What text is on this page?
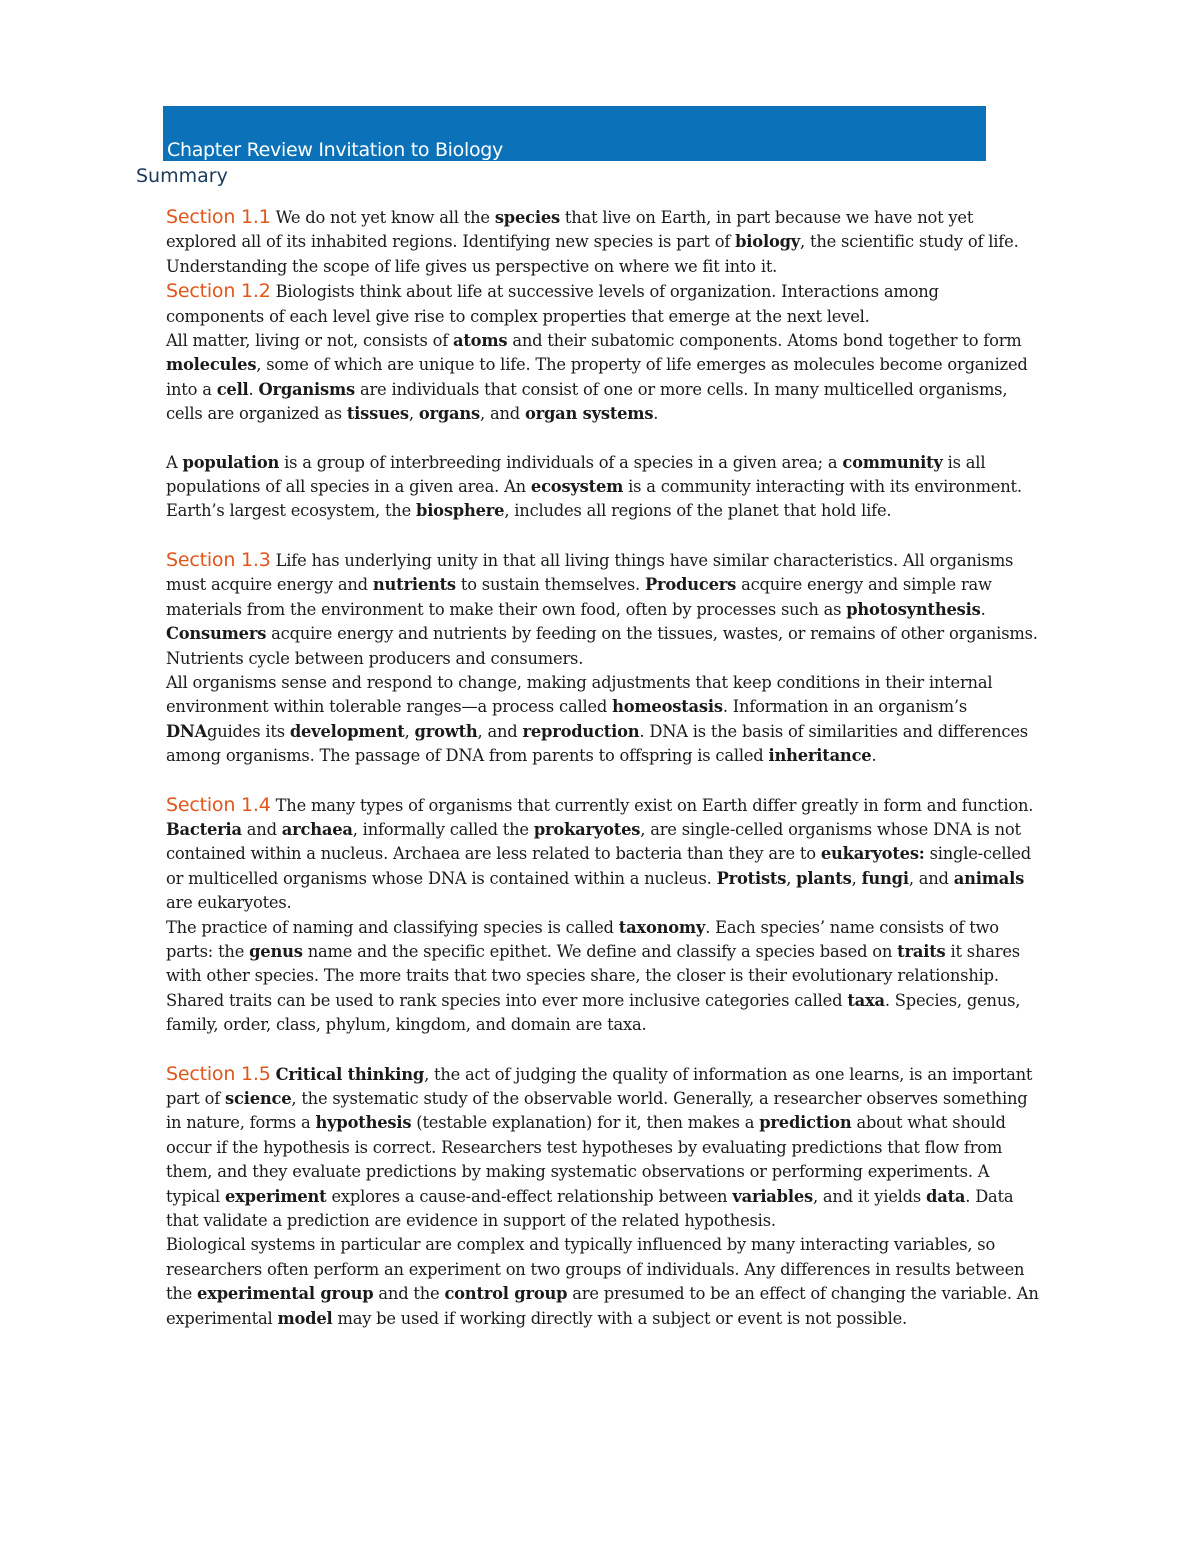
Chapter Review Invitation to Biology
Summary

Section 1.1 We do not yet know all the species that live on Earth, in part because we have not yet explored all of its inhabited regions. Identifying new species is part of biology, the scientific study of life. Understanding the scope of life gives us perspective on where we fit into it.

Section 1.2 Biologists think about life at successive levels of organization. Interactions among components of each level give rise to complex properties that emerge at the next level.

All matter, living or not, consists of atoms and their subatomic components. Atoms bond together to form molecules, some of which are unique to life. The property of life emerges as molecules become organized into a cell. Organisms are individuals that consist of one or more cells. In many multicelled organisms, cells are organized as tissues, organs, and organ systems.

A population is a group of interbreeding individuals of a species in a given area; a community is all populations of all species in a given area. An ecosystem is a community interacting with its environment. Earth’s largest ecosystem, the biosphere, includes all regions of the planet that hold life.

Section 1.3 Life has underlying unity in that all living things have similar characteristics. All organisms must acquire energy and nutrients to sustain themselves. Producers acquire energy and simple raw materials from the environment to make their own food, often by processes such as photosynthesis. Consumers acquire energy and nutrients by feeding on the tissues, wastes, or remains of other organisms. Nutrients cycle between producers and consumers.

All organisms sense and respond to change, making adjustments that keep conditions in their internal environment within tolerable ranges—a process called homeostasis. Information in an organism’s DNAguides its development, growth, and reproduction. DNA is the basis of similarities and differences among organisms. The passage of DNA from parents to offspring is called inheritance.

Section 1.4 The many types of organisms that currently exist on Earth differ greatly in form and function. Bacteria and archaea, informally called the prokaryotes, are single-celled organisms whose DNA is not contained within a nucleus. Archaea are less related to bacteria than they are to eukaryotes: single-celled or multicelled organisms whose DNA is contained within a nucleus. Protists, plants, fungi, and animals are eukaryotes.

The practice of naming and classifying species is called taxonomy. Each species’ name consists of two parts: the genus name and the specific epithet. We define and classify a species based on traits it shares with other species. The more traits that two species share, the closer is their evolutionary relationship. Shared traits can be used to rank species into ever more inclusive categories called taxa. Species, genus, family, order, class, phylum, kingdom, and domain are taxa.

Section 1.5 Critical thinking, the act of judging the quality of information as one learns, is an important part of science, the systematic study of the observable world. Generally, a researcher observes something in nature, forms a hypothesis (testable explanation) for it, then makes a prediction about what should occur if the hypothesis is correct. Researchers test hypotheses by evaluating predictions that flow from them, and they evaluate predictions by making systematic observations or performing experiments. A typical experiment explores a cause-and-effect relationship between variables, and it yields data. Data that validate a prediction are evidence in support of the related hypothesis.

Biological systems in particular are complex and typically influenced by many interacting variables, so researchers often perform an experiment on two groups of individuals. Any differences in results between the experimental group and the control group are presumed to be an effect of changing the variable. An experimental model may be used if working directly with a subject or event is not possible.
